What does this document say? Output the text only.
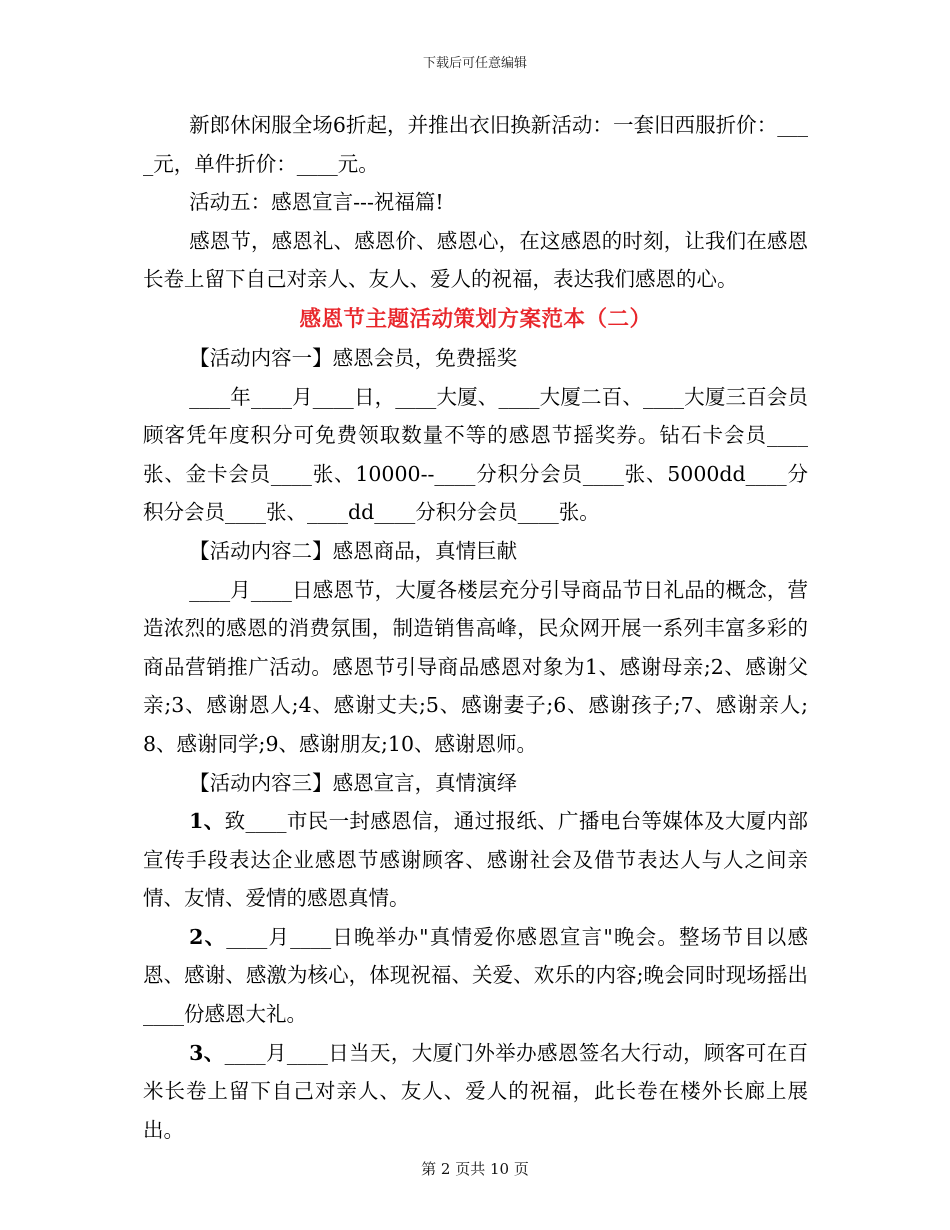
下载后可任意编辑

新郎休闲服全场6折起，并推出衣旧换新活动：一套旧西服折价：____元，单件折价：____元。

活动五：感恩宣言---祝福篇!

感恩节，感恩礼、感恩价、感恩心，在这感恩的时刻，让我们在感恩长卷上留下自己对亲人、友人、爱人的祝福，表达我们感恩的心。

感恩节主题活动策划方案范本（二）

【活动内容一】感恩会员，免费摇奖

____年____月____日，____大厦、____大厦二百、____大厦三百会员顾客凭年度积分可免费领取数量不等的感恩节摇奖券。钻石卡会员____张、金卡会员____张、10000--____分积分会员____张、5000dd____分积分会员____张、____dd____分积分会员____张。

【活动内容二】感恩商品，真情巨献

____月____日感恩节，大厦各楼层充分引导商品节日礼品的概念，营造浓烈的感恩的消费氛围，制造销售高峰，民众网开展一系列丰富多彩的商品营销推广活动。感恩节引导商品感恩对象为1、感谢母亲;2、感谢父亲;3、感谢恩人;4、感谢丈夫;5、感谢妻子;6、感谢孩子;7、感谢亲人;8、感谢同学;9、感谢朋友;10、感谢恩师。

【活动内容三】感恩宣言，真情演绎

1、致____市民一封感恩信，通过报纸、广播电台等媒体及大厦内部宣传手段表达企业感恩节感谢顾客、感谢社会及借节表达人与人之间亲情、友情、爱情的感恩真情。

2、____月____日晚举办"真情爱你感恩宣言"晚会。整场节目以感恩、感谢、感激为核心，体现祝福、关爱、欢乐的内容;晚会同时现场摇出____份感恩大礼。

3、____月____日当天，大厦门外举办感恩签名大行动，顾客可在百米长卷上留下自己对亲人、友人、爱人的祝福，此长卷在楼外长廊上展出。

第 2 页共 10 页
